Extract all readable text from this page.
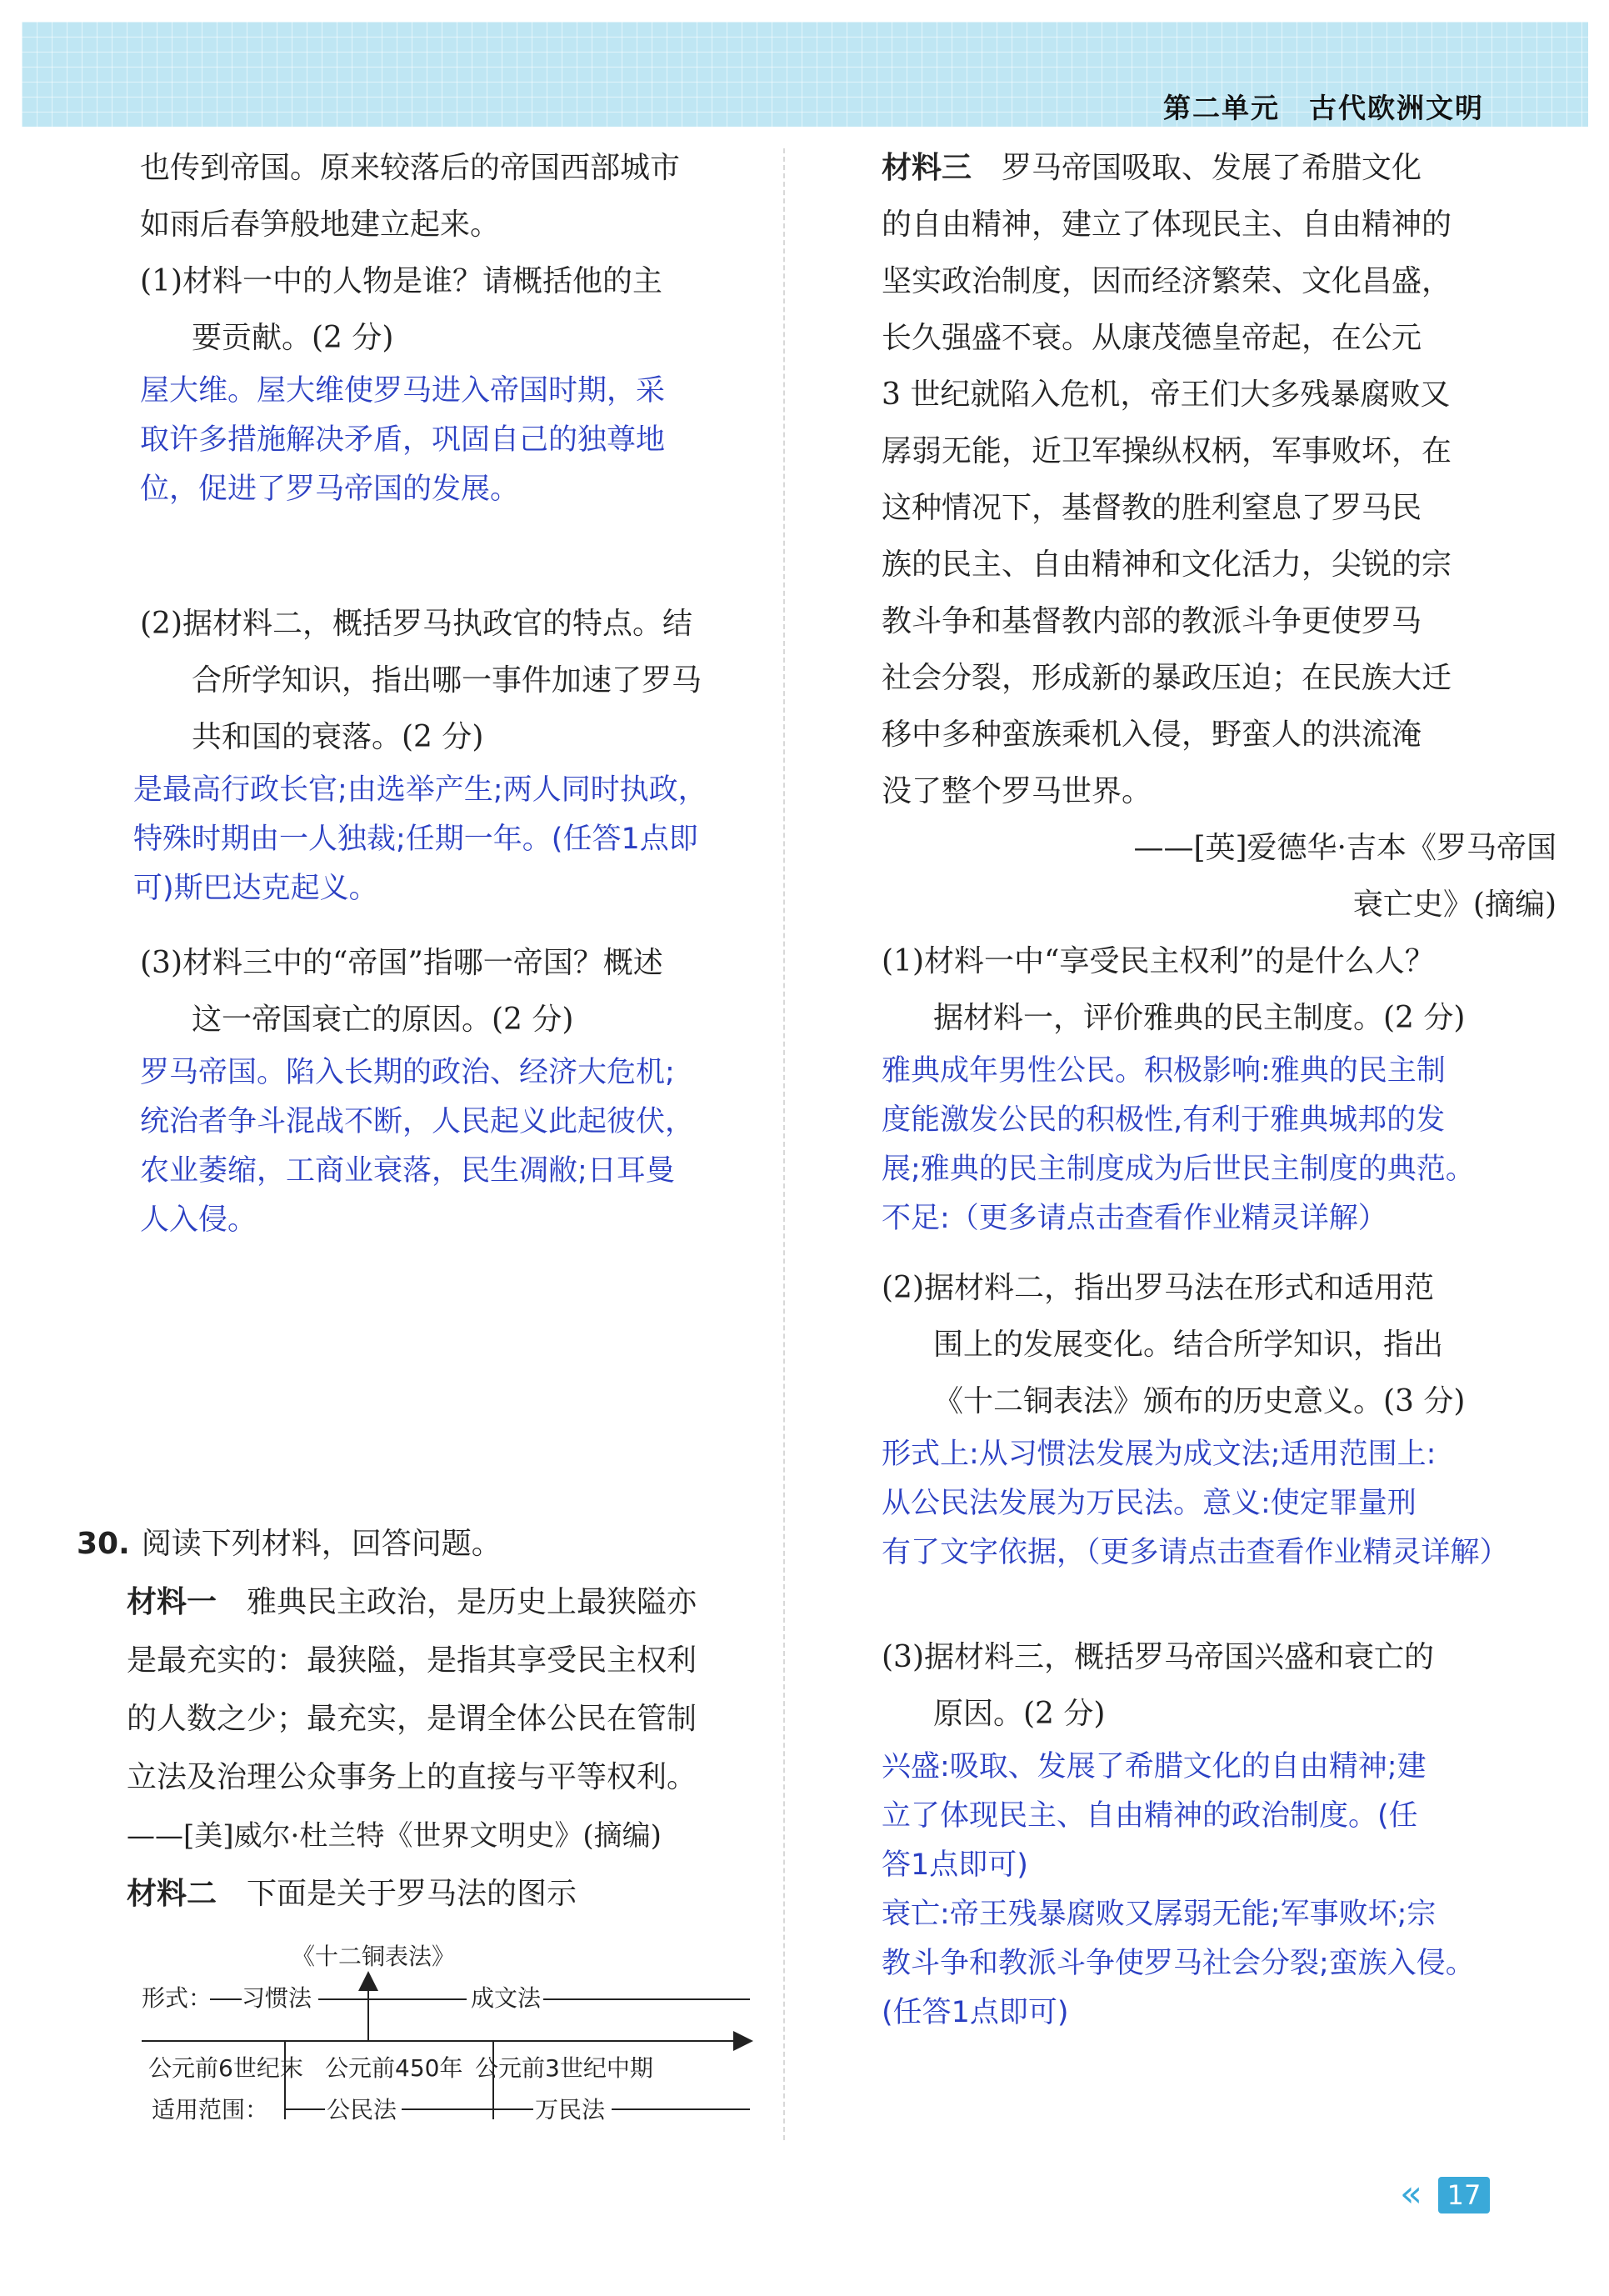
第二单元　古代欧洲文明
也传到帝国。原来较落后的帝国西部城市
如雨后春笋般地建立起来。
(1)材料一中的人物是谁？请概括他的主
要贡献。(2 分)
屋大维。屋大维使罗马进入帝国时期，采
取许多措施解决矛盾，巩固自己的独尊地
位，促进了罗马帝国的发展。
(2)据材料二，概括罗马执政官的特点。结
合所学知识，指出哪一事件加速了罗马
共和国的衰落。(2 分)
是最高行政长官;由选举产生;两人同时执政，
特殊时期由一人独裁;任期一年。(任答1点即
可)斯巴达克起义。
(3)材料三中的“帝国”指哪一帝国？概述
这一帝国衰亡的原因。(2 分)
罗马帝国。陷入长期的政治、经济大危机;
统治者争斗混战不断，人民起义此起彼伏，
农业萎缩，工商业衰落，民生凋敝;日耳曼
人入侵。
30. 阅读下列材料，回答问题。
材料一　 雅典民主政治，是历史上最狭隘亦
是最充实的：最狭隘，是指其享受民主权利
的人数之少；最充实，是谓全体公民在管制
立法及治理公众事务上的直接与平等权利。
——[美]威尔·杜兰特《世界文明史》(摘编)
材料二　 下面是关于罗马法的图示
《十二铜表法》
形式： 习惯法	成文法
公元前6世纪末 公元前450年 公元前3世纪中期
适用范围： 公民法	万民法
材料三　 罗马帝国吸取、发展了希腊文化
的自由精神，建立了体现民主、自由精神的
坚实政治制度，因而经济繁荣、文化昌盛，
长久强盛不衰。从康茂德皇帝起，在公元
3 世纪就陷入危机，帝王们大多残暴腐败又
孱弱无能，近卫军操纵权柄，军事败坏，在
这种情况下，基督教的胜利窒息了罗马民
族的民主、自由精神和文化活力，尖锐的宗
教斗争和基督教内部的教派斗争更使罗马
社会分裂，形成新的暴政压迫；在民族大迁
移中多种蛮族乘机入侵，野蛮人的洪流淹
没了整个罗马世界。
——[英]爱德华·吉本《罗马帝国
衰亡史》(摘编)
(1)材料一中“享受民主权利”的是什么人？
据材料一，评价雅典的民主制度。(2 分)
雅典成年男性公民。积极影响:雅典的民主制
度能激发公民的积极性,有利于雅典城邦的发
展;雅典的民主制度成为后世民主制度的典范。
不足:（更多请点击查看作业精灵详解）
(2)据材料二，指出罗马法在形式和适用范
围上的发展变化。结合所学知识，指出
《十二铜表法》颁布的历史意义。(3 分)
形式上:从习惯法发展为成文法;适用范围上:
从公民法发展为万民法。意义:使定罪量刑
有了文字依据，（更多请点击查看作业精灵详解）
(3)据材料三，概括罗马帝国兴盛和衰亡的
原因。(2 分)
兴盛:吸取、发展了希腊文化的自由精神;建
立了体现民主、自由精神的政治制度。(任
答1点即可)
衰亡:帝王残暴腐败又孱弱无能;军事败坏;宗
教斗争和教派斗争使罗马社会分裂;蛮族入侵。
(任答1点即可)
« 17
